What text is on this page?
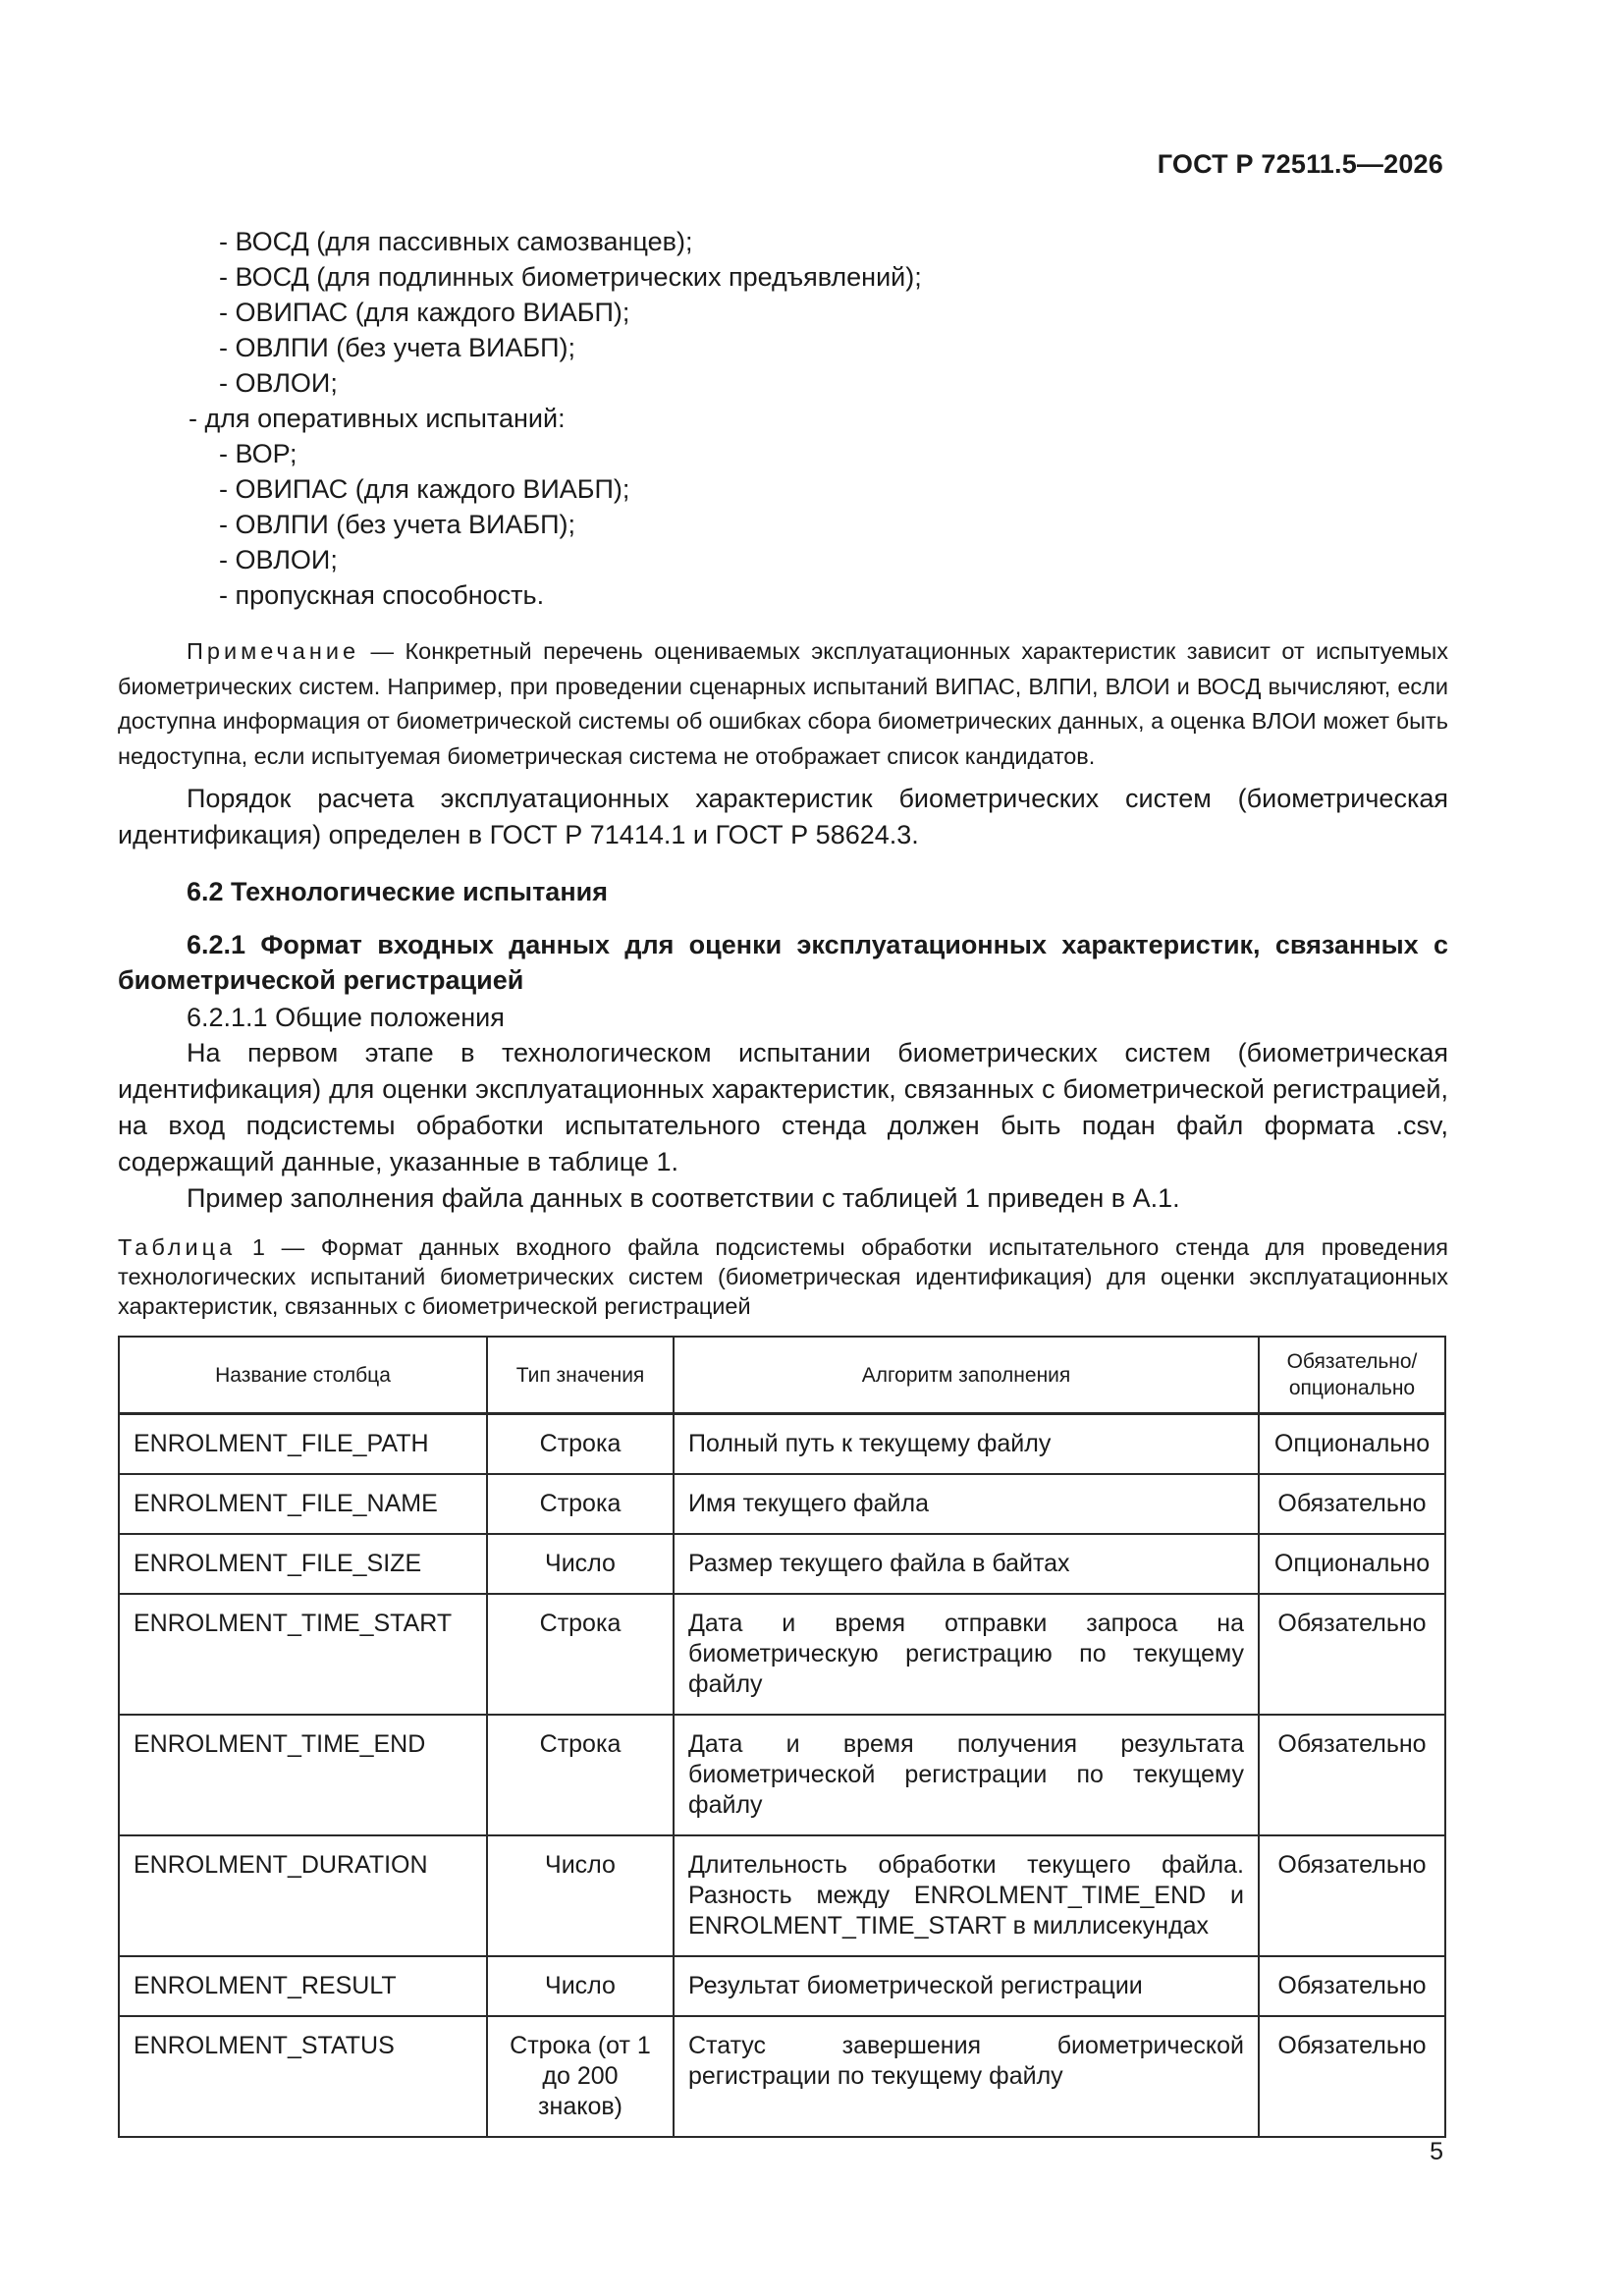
ГОСТ Р 72511.5—2026
- ВОСД (для пассивных самозванцев);
- ВОСД (для подлинных биометрических предъявлений);
- ОВИПАС (для каждого ВИАБП);
- ОВЛПИ (без учета ВИАБП);
- ОВЛОИ;
- для оперативных испытаний:
- ВОР;
- ОВИПАС (для каждого ВИАБП);
- ОВЛПИ (без учета ВИАБП);
- ОВЛОИ;
- пропускная способность.
Примечание — Конкретный перечень оцениваемых эксплуатационных характеристик зависит от испытуемых биометрических систем. Например, при проведении сценарных испытаний ВИПАС, ВЛПИ, ВЛОИ и ВОСД вычисляют, если доступна информация от биометрической системы об ошибках сбора биометрических данных, а оценка ВЛОИ может быть недоступна, если испытуемая биометрическая система не отображает список кандидатов.
Порядок расчета эксплуатационных характеристик биометрических систем (биометрическая идентификация) определен в ГОСТ Р 71414.1 и ГОСТ Р 58624.3.
6.2 Технологические испытания
6.2.1 Формат входных данных для оценки эксплуатационных характеристик, связанных с биометрической регистрацией
6.2.1.1 Общие положения
На первом этапе в технологическом испытании биометрических систем (биометрическая идентификация) для оценки эксплуатационных характеристик, связанных с биометрической регистрацией, на вход подсистемы обработки испытательного стенда должен быть подан файл формата .csv, содержащий данные, указанные в таблице 1.
Пример заполнения файла данных в соответствии с таблицей 1 приведен в А.1.
Таблица 1 — Формат данных входного файла подсистемы обработки испытательного стенда для проведения технологических испытаний биометрических систем (биометрическая идентификация) для оценки эксплуатационных характеристик, связанных с биометрической регистрацией
Название столбца	Тип значения	Алгоритм заполнения	Обязательно/ опционально
ENROLMENT_FILE_PATH	Строка	Полный путь к текущему файлу	Опционально
ENROLMENT_FILE_NAME	Строка	Имя текущего файла	Обязательно
ENROLMENT_FILE_SIZE	Число	Размер текущего файла в байтах	Опционально
ENROLMENT_TIME_START	Строка	Дата и время отправки запроса на биометрическую регистрацию по текущему файлу	Обязательно
ENROLMENT_TIME_END	Строка	Дата и время получения результата биометрической регистрации по текущему файлу	Обязательно
ENROLMENT_DURATION	Число	Длительность обработки текущего файла. Разность между ENROLMENT_TIME_END и ENROLMENT_TIME_START в миллисекундах	Обязательно
ENROLMENT_RESULT	Число	Результат биометрической регистрации	Обязательно
ENROLMENT_STATUS	Строка (от 1 до 200 знаков)	Статус завершения биометрической регистрации по текущему файлу	Обязательно
5
